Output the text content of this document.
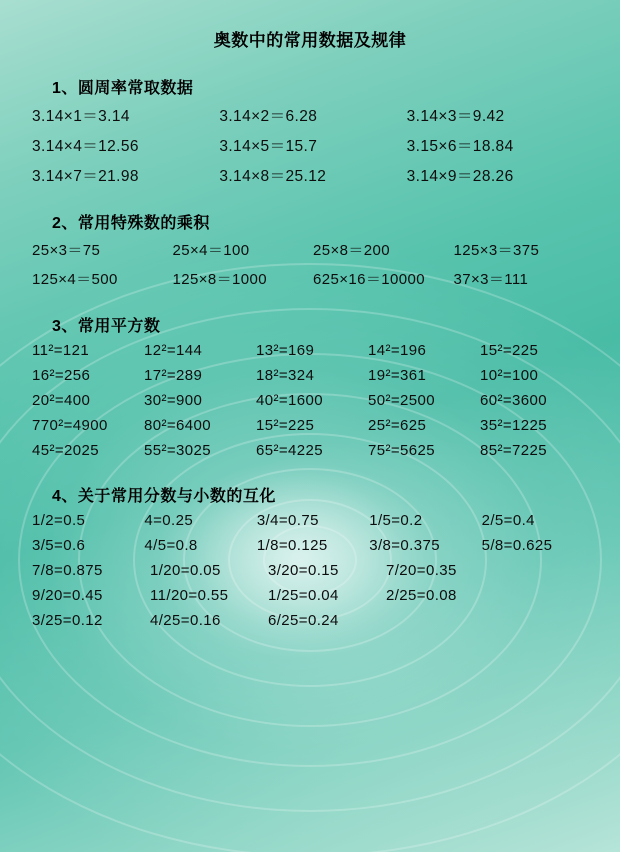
奥数中的常用数据及规律
1、圆周率常取数据
3.14×1＝3.14	3.14×2＝6.28	3.14×3＝9.42
3.14×4＝12.56	3.14×5＝15.7	3.15×6＝18.84
3.14×7＝21.98	3.14×8＝25.12	3.14×9＝28.26
2、常用特殊数的乘积
25×3＝75	25×4＝100	25×8＝200	125×3＝375
125×4＝500	125×8＝1000	625×16＝10000	37×3＝111
3、常用平方数
11²=121	12²=144	13²=169	14²=196	15²=225
16²=256	17²=289	18²=324	19²=361	10²=100
20²=400	30²=900	40²=1600	50²=2500	60²=3600
770²=4900	80²=6400	15²=225	25²=625	35²=1225
45²=2025	55²=3025	65²=4225	75²=5625	85²=7225
4、关于常用分数与小数的互化
1/2=0.5	4=0.25	3/4=0.75	1/5=0.2	2/5=0.4
3/5=0.6	4/5=0.8	1/8=0.125	3/8=0.375	5/8=0.625
7/8=0.875	1/20=0.05	3/20=0.15	7/20=0.35
9/20=0.45	11/20=0.55	1/25=0.04	2/25=0.08
3/25=0.12	4/25=0.16	6/25=0.24
